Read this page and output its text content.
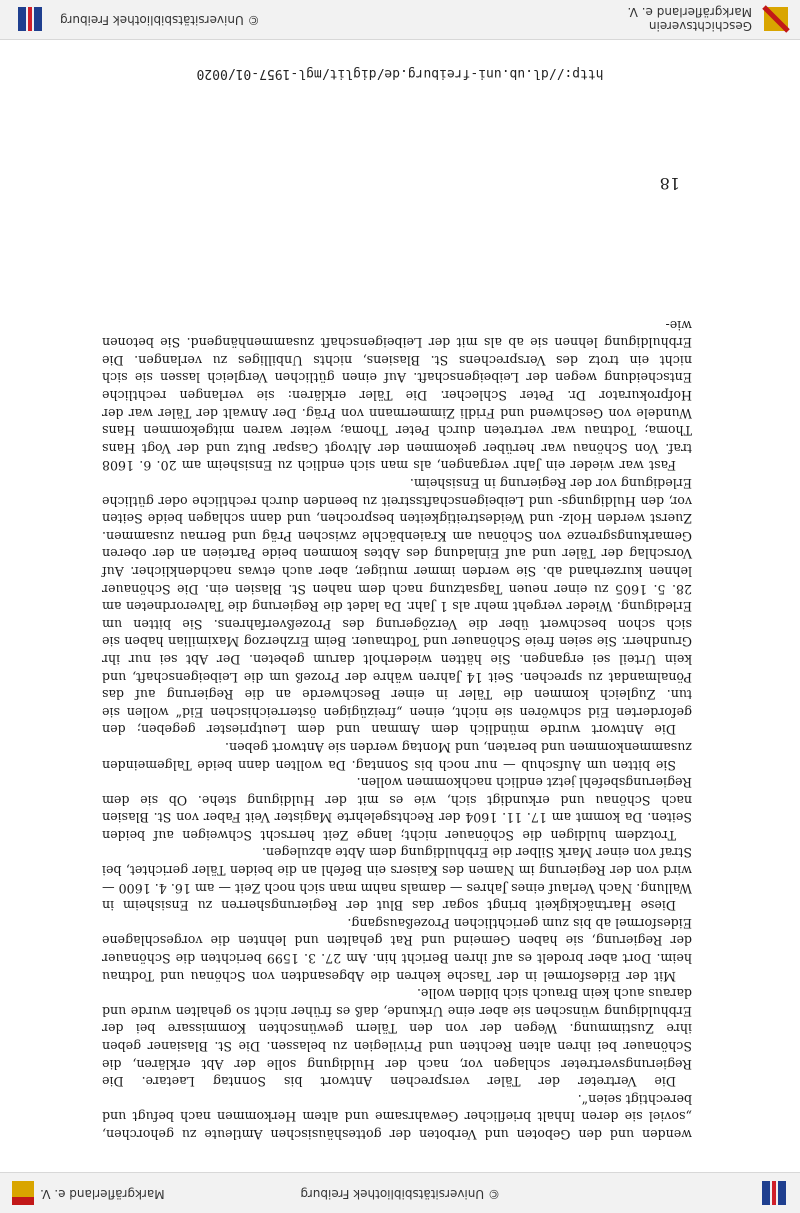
© Universitätsbibliothek Freiburg
Markgräflerland e. V.

wenden und den Geboten und Verboten der gotteshäusischen Amtleute zu gehorchen, „soviel sie deren Inhalt brieflicher Gewahrsame und altem Herkommen nach befugt und berechtigt seien“.

Die Vertreter der Täler versprechen Antwort bis Sonntag Laetare. Die Regierungsvertreter schlagen vor, nach der Huldigung solle der Abt erklären, die Schönauer bei ihren alten Rechten und Privilegien zu belassen. Die St. Blasianer geben ihre Zustimmung. Wegen der von den Tälern gewünschten Kommissare bei der Erbhuldigung wünschen sie aber eine Urkunde, daß es früher nicht so gehalten wurde und daraus auch kein Brauch sich bilden wolle.

Mit der Eidesformel in der Tasche kehren die Abgesandten von Schönau und Todtnau heim. Dort aber brodelt es auf ihren Bericht hin. Am 27. 3. 1599 berichten die Schönauer der Regierung, sie haben Gemeind und Rat gehalten und lehnten die vorgeschlagene Eidesformel ab bis zum gerichtlichen Prozeßausgang.

Diese Hartnäckigkeit bringt sogar das Blut der Regierungsherren zu Ensisheim in Wallung. Nach Verlauf eines Jahres — damals nahm man sich noch Zeit — am 16. 4. 1600 — wird von der Regierung im Namen des Kaisers ein Befehl an die beiden Täler gerichtet, bei Straf von einer Mark Silber die Erbhuldigung dem Abte abzulegen.

Trotzdem huldigen die Schönauer nicht; lange Zeit herrscht Schweigen auf beiden Seiten. Da kommt am 17. 11. 1604 der Rechtsgelehrte Magister Veit Faber von St. Blasien nach Schönau und erkundigt sich, wie es mit der Huldigung stehe. Ob sie dem Regierungsbefehl jetzt endlich nachkommen wollen.

Sie bitten um Aufschub — nur noch bis Sonntag. Da wollten dann beide Talgemeinden zusammenkommen und beraten, und Montag werden sie Antwort geben.

Die Antwort wurde mündlich dem Amman und dem Leutpriester gegeben; den geforderten Eid schwören sie nicht, einen „freizügigen österreichischen Eid“ wollen sie tun. Zugleich kommen die Täler in einer Beschwerde an die Regierung auf das Pönalmandat zu sprechen. Seit 14 Jahren währe der Prozeß um die Leibeigenschaft, und kein Urteil sei ergangen. Sie hätten wiederholt darum gebeten. Der Abt sei nur ihr Grundherr. Sie seien freie Schönauer und Todtnauer. Beim Erzherzog Maximilian haben sie sich schon beschwert über die Verzögerung des Prozeßverfahrens. Sie bitten um Erledigung. Wieder vergeht mehr als 1 Jahr. Da ladet die Regierung die Talverordneten am 28. 5. 1605 zu einer neuen Tagsatzung nach dem nahen St. Blasien ein. Die Schönauer lehnen kurzerhand ab. Sie werden immer mutiger, aber auch etwas nachdenklicher. Auf Vorschlag der Täler und auf Einladung des Abtes kommen beide Parteien an der oberen Gemarkungsgrenze von Schönau am Kraienbächle zwischen Präg und Bernau zusammen. Zuerst werden Holz- und Weidestreitigkeiten besprochen, und dann schlagen beide Seiten vor, den Huldigungs- und Leibeigenschaftsstreit zu beenden durch rechtliche oder gütliche Erledigung vor der Regierung in Ensisheim.

Fast war wieder ein Jahr vergangen, als man sich endlich zu Ensisheim am 20. 6. 1608 traf. Von Schönau war herüber gekommen der Altvogt Caspar Butz und der Vogt Hans Thoma; Todtnau war vertreten durch Peter Thoma; weiter waren mitgekommen Hans Wundele von Geschwend und Fridli Zimmermann von Präg. Der Anwalt der Täler war der Hofprokurator Dr. Peter Schlecher. Die Täler erklären: sie verlangen rechtliche Entscheidung wegen der Leibeigenschaft. Auf einen gütlichen Vergleich lassen sie sich nicht ein trotz des Versprechens St. Blasiens, nichts Unbilliges zu verlangen. Die Erbhuldigung lehnen sie ab als mit der Leibeigenschaft zusammenhängend. Sie betonen wie-

18
http://dl.ub.uni-freiburg.de/diglit/mgl-1957-01/0020
Geschichtsverein
Markgräflerland e. V.
© Universitätsbibliothek Freiburg
